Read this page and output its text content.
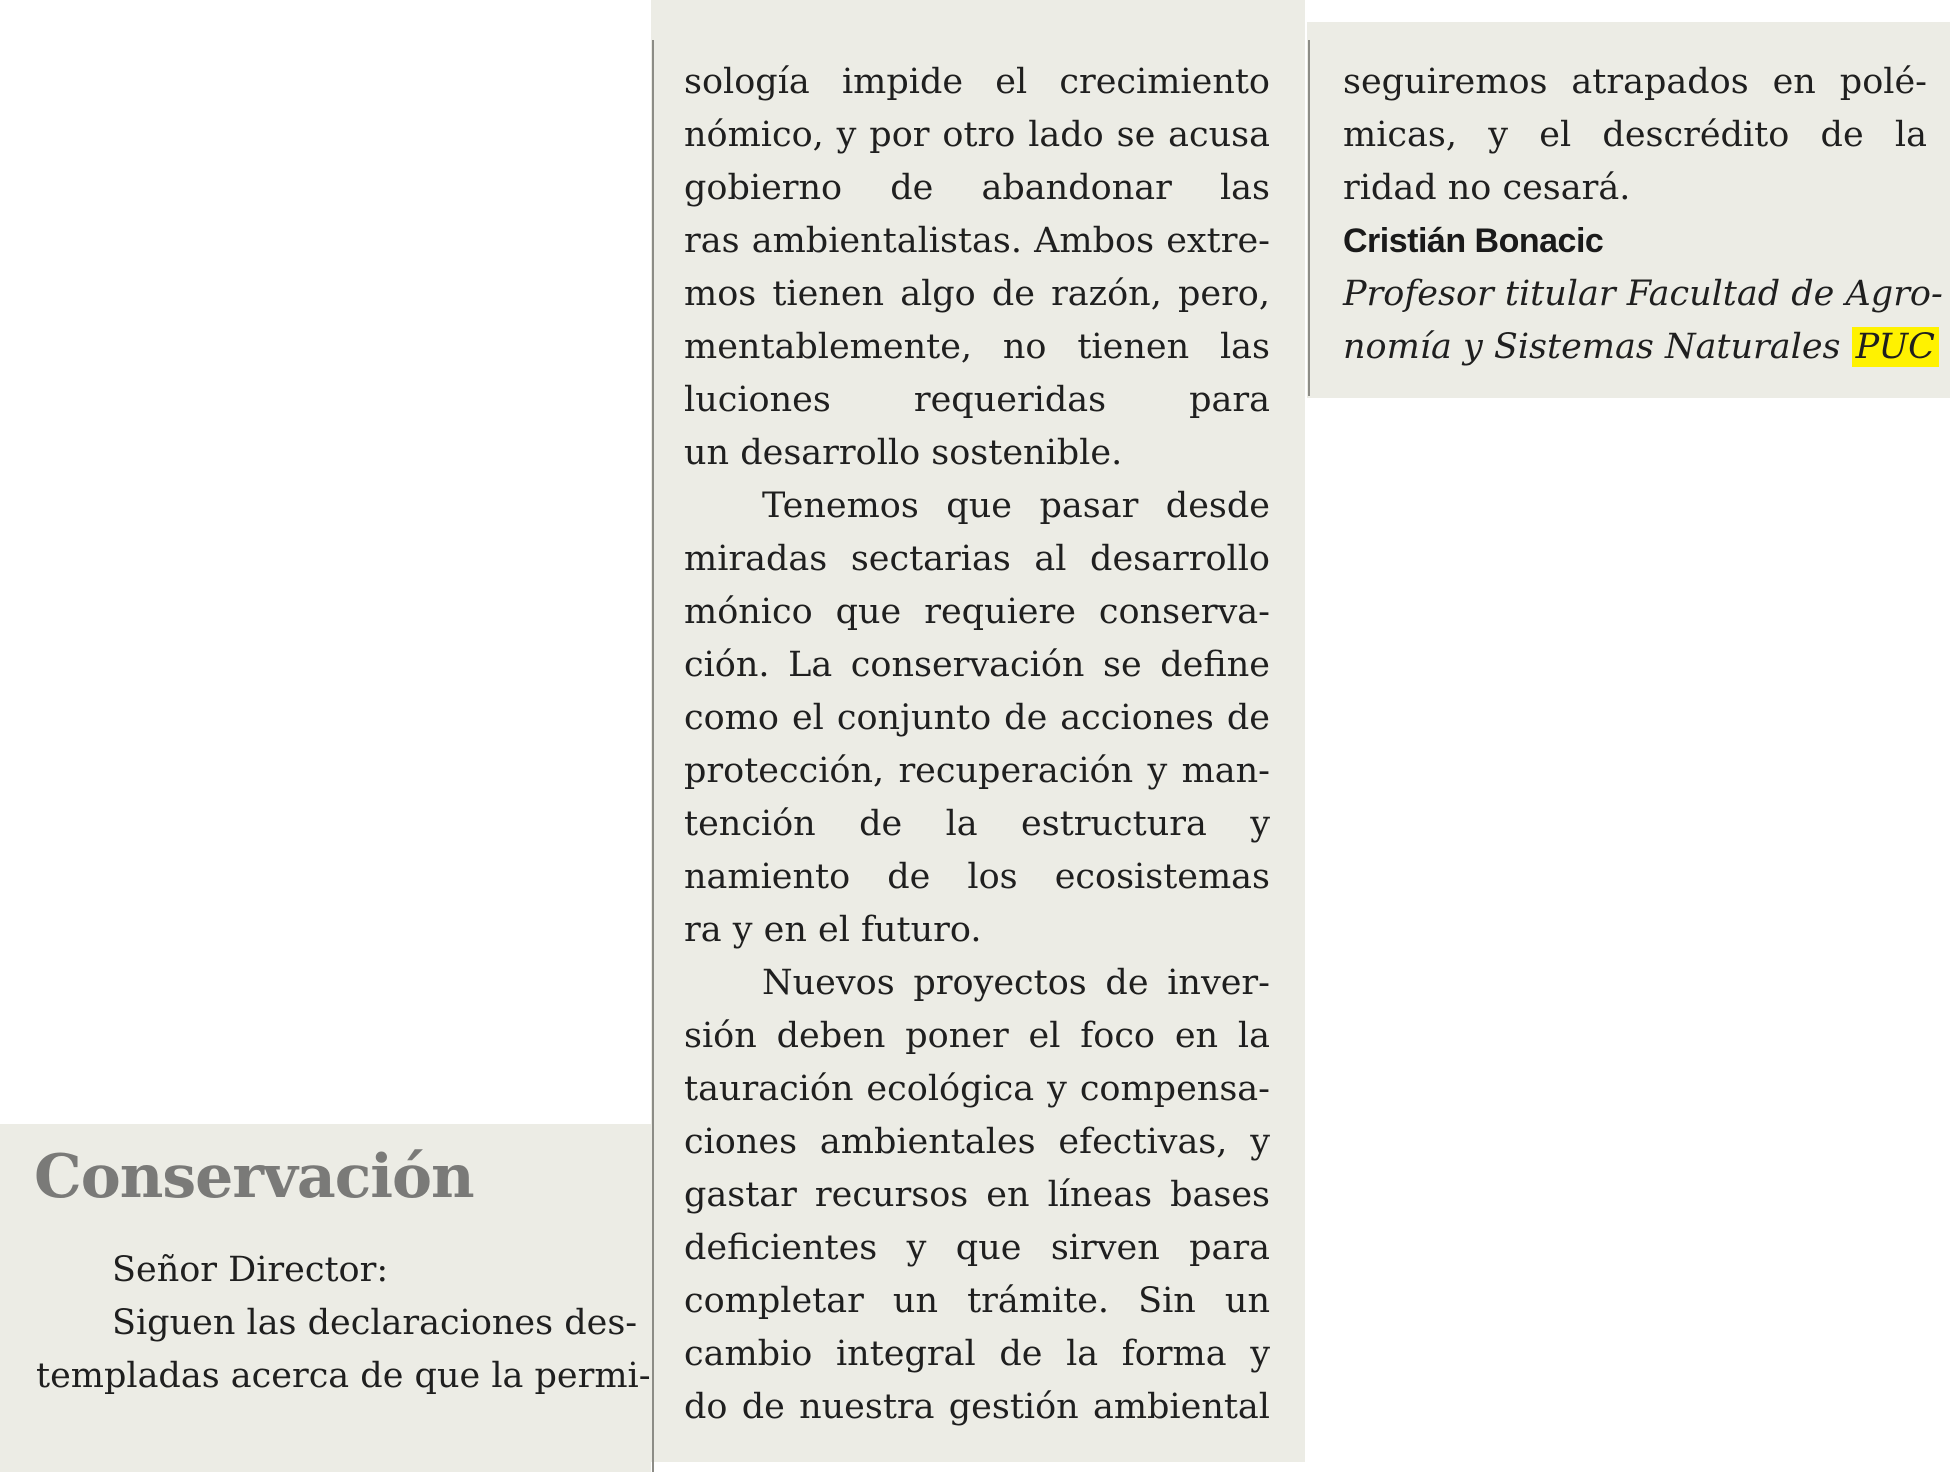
Conservación
Señor Director:
Siguen las declaraciones des-
templadas acerca de que la permi-
sología impide el crecimiento
nómico, y por otro lado se acusa
gobierno de abandonar las
ras ambientalistas. Ambos extre-
mos tienen algo de razón, pero,
mentablemente, no tienen las
luciones requeridas para
un desarrollo sostenible.
Tenemos que pasar desde
miradas sectarias al desarrollo
mónico que requiere conserva-
ción. La conservación se define
como el conjunto de acciones de
protección, recuperación y man-
tención de la estructura y
namiento de los ecosistemas
ra y en el futuro.
Nuevos proyectos de inver-
sión deben poner el foco en la
tauración ecológica y compensa-
ciones ambientales efectivas, y
gastar recursos en líneas bases
deficientes y que sirven para
completar un trámite. Sin un
cambio integral de la forma y
do de nuestra gestión ambiental
seguiremos atrapados en polé-
micas, y el descrédito de la
ridad no cesará.
Cristián Bonacic
Profesor titular Facultad de Agro-
nomía y Sistemas Naturales PUC
